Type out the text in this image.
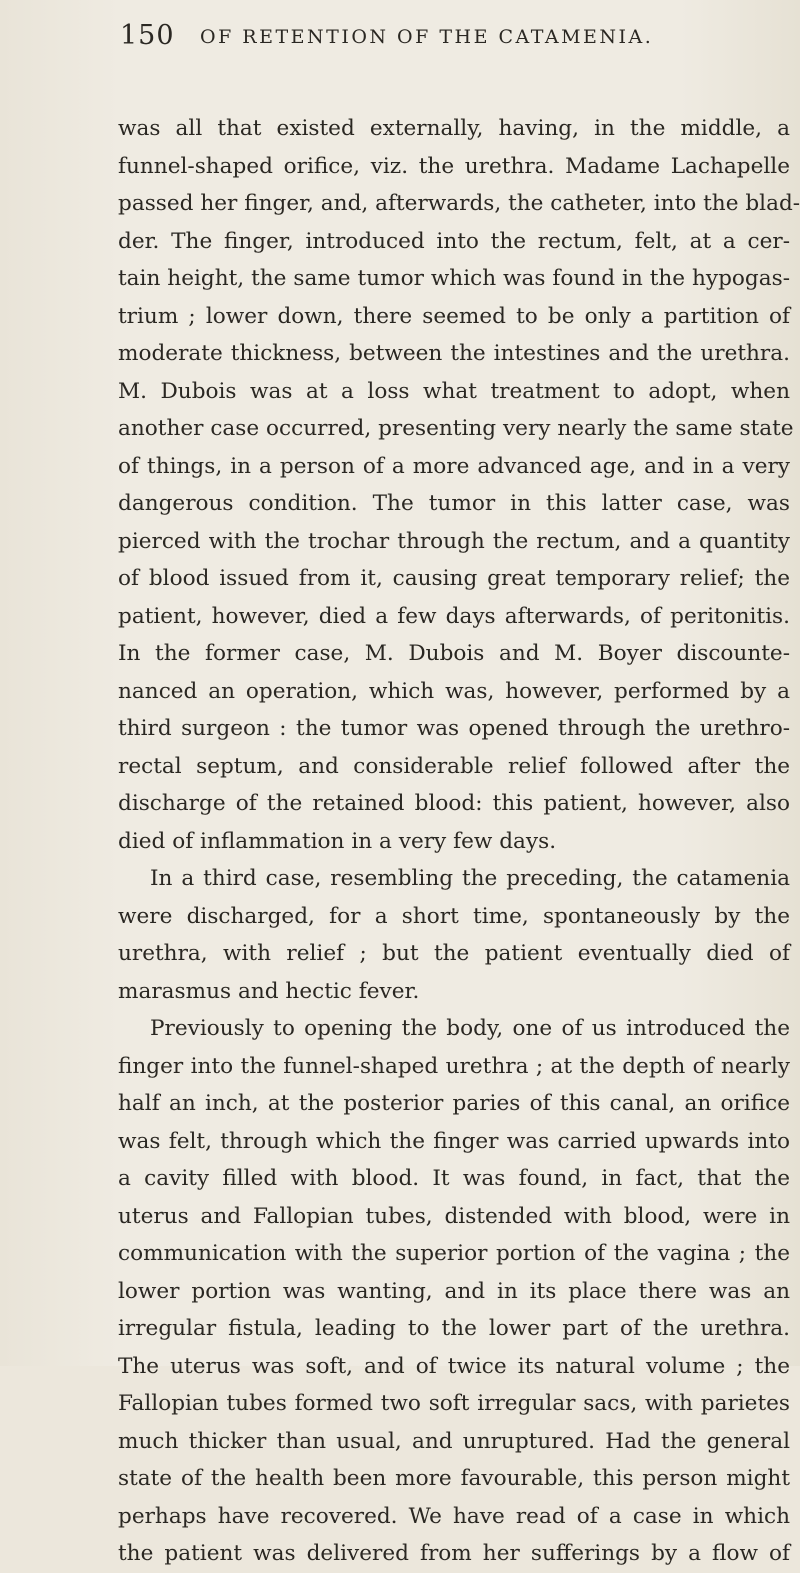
150 OF RETENTION OF THE CATAMENIA.
was all that existed externally, having, in the middle, a
funnel-shaped orifice, viz. the urethra. Madame Lachapelle
passed her finger, and, afterwards, the catheter, into the blad-
der. The finger, introduced into the rectum, felt, at a cer-
tain height, the same tumor which was found in the hypogas-
trium ; lower down, there seemed to be only a partition of
moderate thickness, between the intestines and the urethra.
M. Dubois was at a loss what treatment to adopt, when
another case occurred, presenting very nearly the same state
of things, in a person of a more advanced age, and in a very
dangerous condition. The tumor in this latter case, was
pierced with the trochar through the rectum, and a quantity
of blood issued from it, causing great temporary relief; the
patient, however, died a few days afterwards, of peritonitis.
In the former case, M. Dubois and M. Boyer discounte-
nanced an operation, which was, however, performed by a
third surgeon : the tumor was opened through the urethro-
rectal septum, and considerable relief followed after the
discharge of the retained blood: this patient, however, also
died of inflammation in a very few days.
In a third case, resembling the preceding, the catamenia
were discharged, for a short time, spontaneously by the
urethra, with relief ; but the patient eventually died of
marasmus and hectic fever.
Previously to opening the body, one of us introduced the
finger into the funnel-shaped urethra ; at the depth of nearly
half an inch, at the posterior paries of this canal, an orifice
was felt, through which the finger was carried upwards into
a cavity filled with blood. It was found, in fact, that the
uterus and Fallopian tubes, distended with blood, were in
communication with the superior portion of the vagina ; the
lower portion was wanting, and in its place there was an
irregular fistula, leading to the lower part of the urethra.
The uterus was soft, and of twice its natural volume ; the
Fallopian tubes formed two soft irregular sacs, with parietes
much thicker than usual, and unruptured. Had the general
state of the health been more favourable, this person might
perhaps have recovered. We have read of a case in which
the patient was delivered from her sufferings by a flow of
